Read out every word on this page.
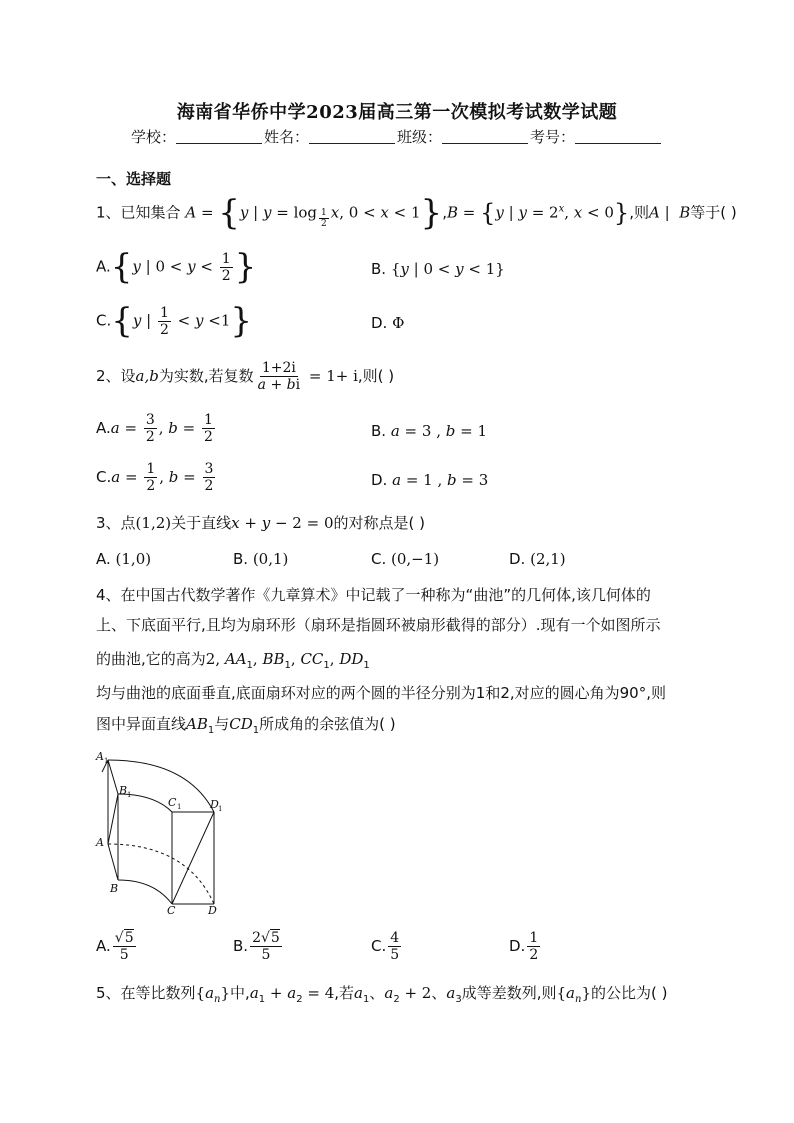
海南省华侨中学2023届高三第一次模拟考试数学试题
学校：	姓名：	班级：	考号：
一、选择题
1、已知集合 A = {y | y = log $_{\frac{1}{2}}$ x, 0 < x < 1},B = {y | $y = 2^x$, x < 0},则A |  B等于( )
A.{y | $0 < y < \frac{1}{2}$ }	B. {y | 0 < y < 1}
C.{y | $\frac{1}{2} < y <1$}	D. Φ
2、设a,b为实数,若复数 $\frac{1+2i}{a + bi} = 1+ i$,则( )
$A.a = \frac{3}{2}$ , $b = \frac{1}{2}$	B. a = 3 , b = 1
$C.a = \frac{1}{2}$ , $b = \frac{3}{2}$	D. a = 1 , b = 3
3、点(1,2)关于直线x + y − 2 = 0的对称点是( )
A. (1,0)	B. (0,1)	C. (0,−1)	D. (2,1)
4、在中国古代数学著作《九章算术》中记载了一种称为“曲池”的几何体,该几何体的
上、下底面平行,且均为扇环形（扇环是指圆环被扇形截得的部分）.现有一个如图所示
的曲池,它的高为2, $AA_1$, $BB_1$, $CC_1$, $DD_1$
均与曲池的底面垂直,底面扇环对应的两个圆的半径分别为1和2,对应的圆心角为90°,则
图中异面直线$AB_1$与$CD_1$所成角的余弦值为( )
A
B
C	D
A
B
C	D
1
1
1	1
A. $\frac{√5}{5}$	B. $\frac{2√5}{5}$	C. $\frac{4}{5}$	D. $\frac{1}{2}$
5、在等比数列$\{a_n\}$中$,a_1 + a_2 = 4$,若$a_1$、$a_2 + 2$、$a_3$成等差数列,则$\{a_n\}$的公比为( )
